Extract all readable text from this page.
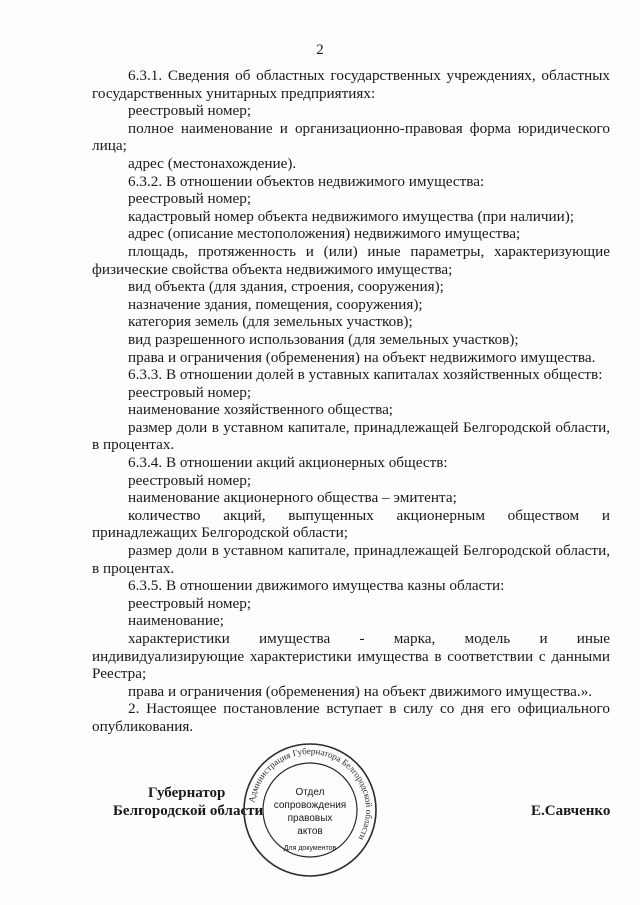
2

6.3.1. Сведения об областных государственных учреждениях, областных государственных унитарных предприятиях:

реестровый номер;

полное наименование и организационно-правовая форма юридического лица;

адрес (местонахождение).

6.3.2. В отношении объектов недвижимого имущества:

реестровый номер;

кадастровый номер объекта недвижимого имущества (при наличии);

адрес (описание местоположения) недвижимого имущества;

площадь, протяженность и (или) иные параметры, характеризующие физические свойства объекта недвижимого имущества;

вид объекта (для здания, строения, сооружения);

назначение здания, помещения, сооружения);

категория земель (для земельных участков);

вид разрешенного использования (для земельных участков);

права и ограничения (обременения) на объект недвижимого имущества.

6.3.3. В отношении долей в уставных капиталах хозяйственных обществ:

реестровый номер;

наименование хозяйственного общества;

размер доли в уставном капитале, принадлежащей Белгородской области, в процентах.

6.3.4. В отношении акций акционерных обществ:

реестровый номер;

наименование акционерного общества – эмитента;

количество акций, выпущенных акционерным обществом и принадлежащих Белгородской области;

размер доли в уставном капитале, принадлежащей Белгородской области, в процентах.

6.3.5. В отношении движимого имущества казны области:

реестровый номер;

наименование;

характеристики имущества - марка, модель и иные индивидуализирующие характеристики имущества в соответствии с данными Реестра;

права и ограничения (обременения) на объект движимого имущества.».

2. Настоящее постановление вступает в силу со дня его официального опубликования.

Губернатор
Белгородской области	Е.Савченко
Администрация Губернатора Белгородской области
Отдел
сопровождения
правовых
актов
Для документов
